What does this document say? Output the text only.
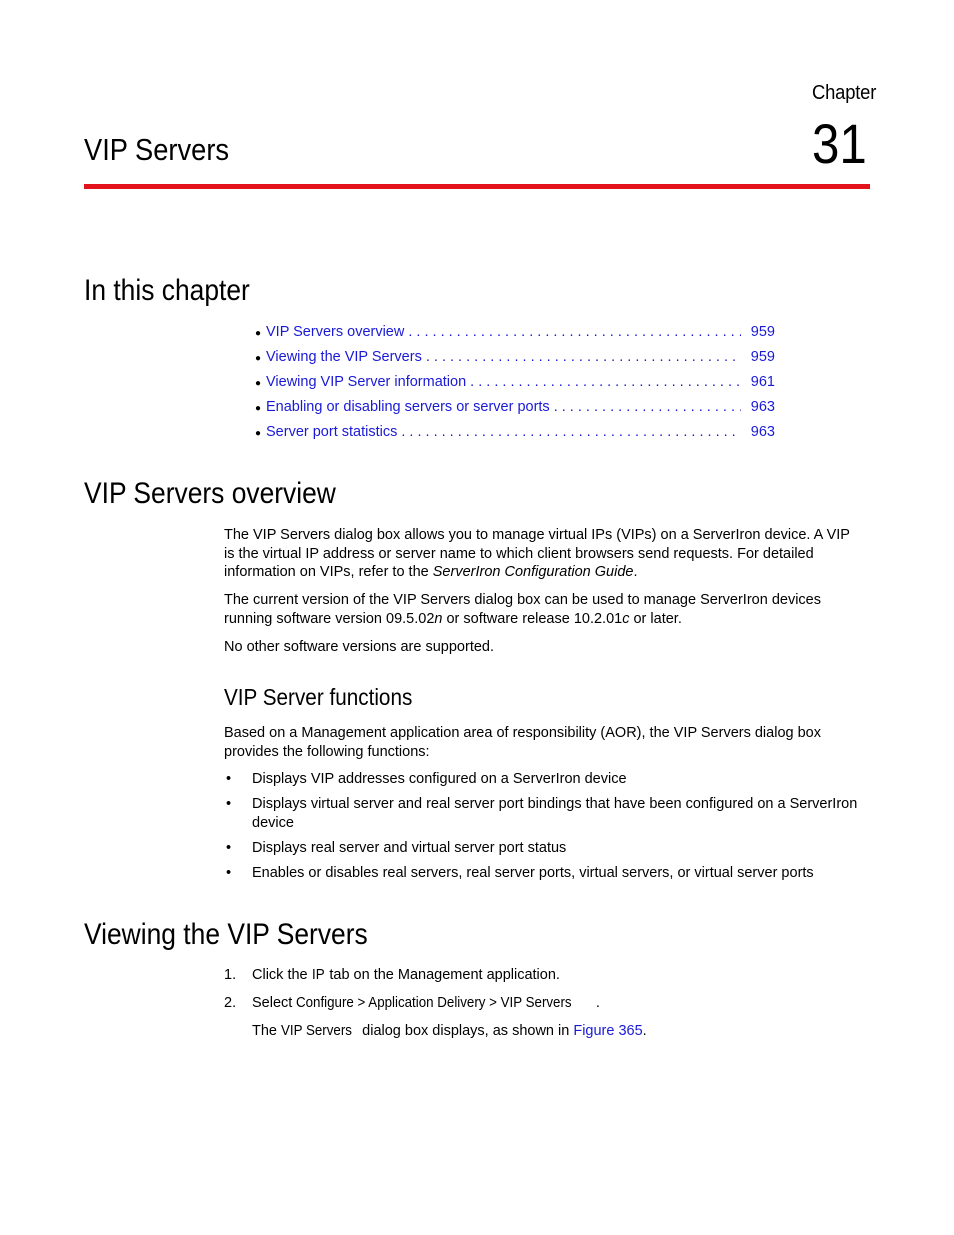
Chapter
31
VIP Servers
In this chapter
● VIP Servers overview . . .	959
● Viewing the VIP Servers . . .	959
● Viewing VIP Server information . . .	961
● Enabling or disabling servers or server ports . . .	963
● Server port statistics . . .	963
VIP Servers overview

The VIP Servers dialog box allows you to manage virtual IPs (VIPs) on a ServerIron device. A VIP is the virtual IP address or server name to which client browsers send requests. For detailed information on VIPs, refer to the ServerIron Configuration Guide.

The current version of the VIP Servers dialog box can be used to manage ServerIron devices running software version 09.5.02n or software release 10.2.01c or later.

No other software versions are supported.

VIP Server functions

Based on a Management application area of responsibility (AOR), the VIP Servers dialog box provides the following functions:

• Displays VIP addresses configured on a ServerIron device
• Displays virtual server and real server port bindings that have been configured on a ServerIron device
• Displays real server and virtual server port status
• Enables or disables real servers, real server ports, virtual servers, or virtual server ports
Viewing the VIP Servers
1. Click the IP tab on the Management application.
2. Select Configure > Application Delivery > VIP Servers .
The VIP Servers dialog box displays, as shown in Figure 365.
